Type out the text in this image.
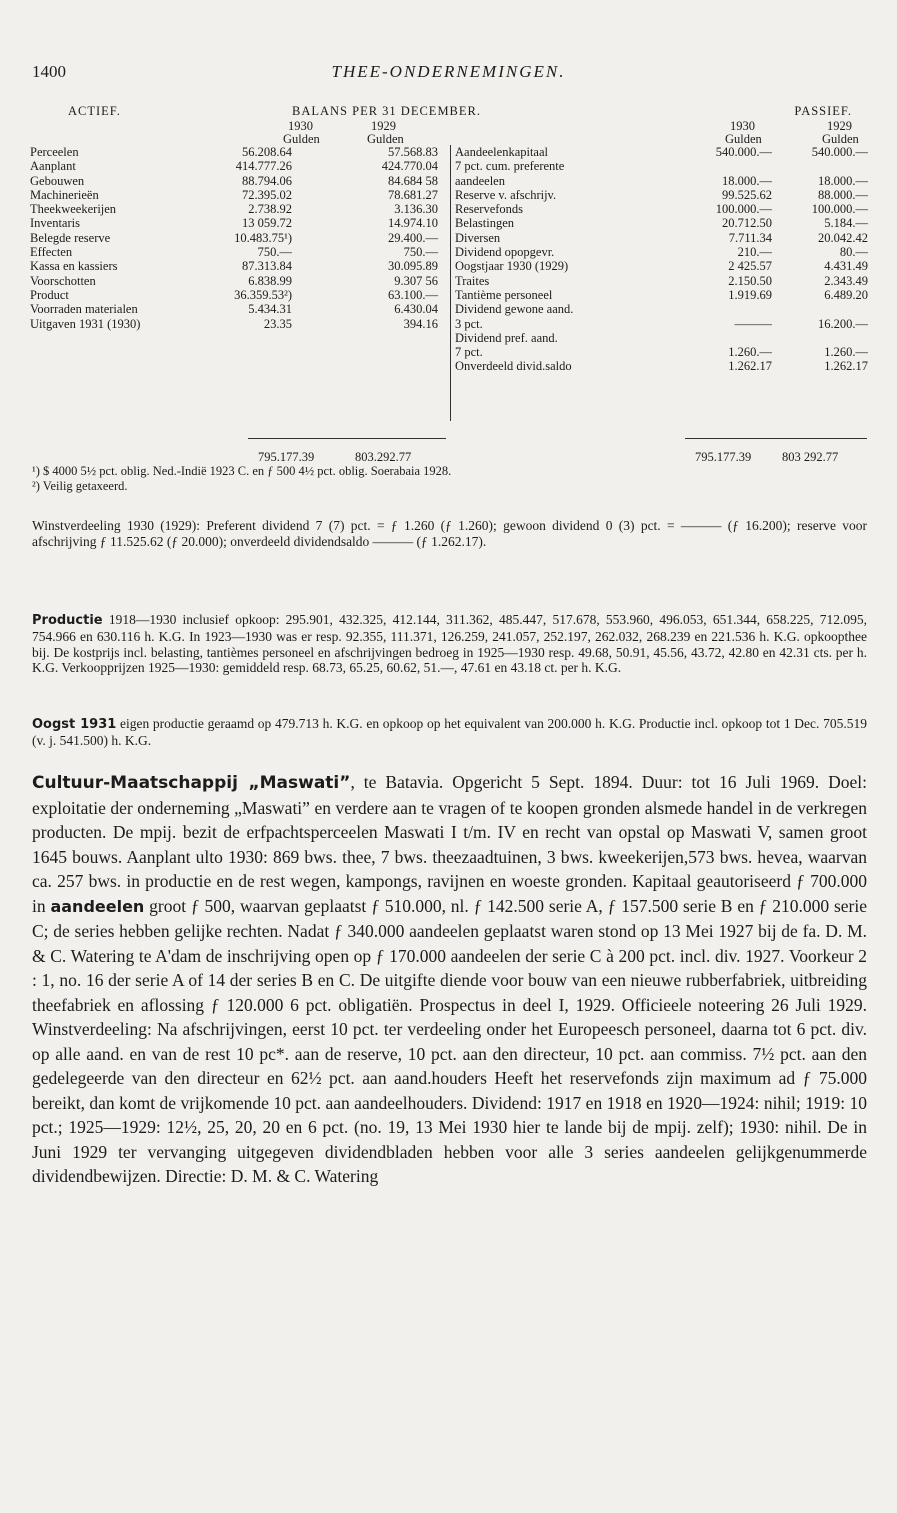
1400	THEE-ONDERNEMINGEN.
ACTIEF.	BALANS PER 31 DECEMBER.	PASSIEF.
1930	1929	1930	1929
Gulden	Gulden	Gulden	Gulden
Perceelen	56.208.64	57.568.83
Aanplant	414.777.26	424.770.04
Gebouwen	88.794.06	84.684 58
Machinerieën	72.395.02	78.681.27
Theekweekerijen	2.738.92	3.136.30
Inventaris	13 059.72	14.974.10
Belegde reserve	10.483.75¹)	29.400.—
Effecten	750.—	750.—
Kassa en kassiers	87.313.84	30.095.89
Voorschotten	6.838.99	9.307 56
Product	36.359.53²)	63.100.—
Voorraden materialen	5.434.31	6.430.04
Uitgaven 1931 (1930)	23.35	394.16
Aandeelenkapitaal	540.000.—	540.000.—
7 pct. cum. preferente
aandeelen	18.000.—	18.000.—
Reserve v. afschrijv.	99.525.62	88.000.—
Reservefonds	100.000.—	100.000.—
Belastingen	20.712.50	5.184.—
Diversen	7.711.34	20.042.42
Dividend opopgevr.	210.—	80.—
Oogstjaar 1930 (1929)	2 425.57	4.431.49
Traites	2.150.50	2.343.49
Tantième personeel	1.919.69	6.489.20
Dividend gewone aand.
3 pct.	———	16.200.—
Dividend pref. aand.
7 pct.	1.260.—	1.260.—
Onverdeeld divid.saldo	1.262.17	1.262.17
795.177.39	803.292.77	795.177.39 803 292.77
¹) $ 4000 5½ pct. oblig. Ned.-Indië 1923 C. en ƒ 500 4½ pct. oblig. Soerabaia 1928.
²) Veilig getaxeerd.
Winstverdeeling 1930 (1929): Preferent dividend 7 (7) pct. = ƒ 1.260 (ƒ 1.260); gewoon dividend 0 (3) pct. = ——— (ƒ 16.200); reserve voor afschrijving ƒ 11.525.62 (ƒ 20.000); onverdeeld dividendsaldo ——— (ƒ 1.262.17).
Productie 1918—1930 inclusief opkoop: 295.901, 432.325, 412.144, 311.362, 485.447, 517.678, 553.960, 496.053, 651.344, 658.225, 712.095, 754.966 en 630.116 h. K.G. In 1923—1930 was er resp. 92.355, 111.371, 126.259, 241.057, 252.197, 262.032, 268.239 en 221.536 h. K.G. opkoopthee bij. De kostprijs incl. belasting, tantièmes personeel en afschrijvingen bedroeg in 1925—1930 resp. 49.68, 50.91, 45.56, 43.72, 42.80 en 42.31 cts. per h. K.G. Verkoopprijzen 1925—1930: gemiddeld resp. 68.73, 65.25, 60.62, 51.—, 47.61 en 43.18 ct. per h. K.G.
Oogst 1931 eigen productie geraamd op 479.713 h. K.G. en opkoop op het equivalent van 200.000 h. K.G. Productie incl. opkoop tot 1 Dec. 705.519 (v. j. 541.500) h. K.G.
Cultuur-Maatschappij „Maswati”, te Batavia. Opgericht 5 Sept. 1894. Duur: tot 16 Juli 1969. Doel: exploitatie der onderneming „Maswati” en verdere aan te vragen of te koopen gronden alsmede handel in de verkregen producten. De mpij. bezit de erfpachtsperceelen Maswati I t/m. IV en recht van opstal op Maswati V, samen groot 1645 bouws. Aanplant ulto 1930: 869 bws. thee, 7 bws. theezaadtuinen, 3 bws. kweekerijen,573 bws. hevea, waarvan ca. 257 bws. in productie en de rest wegen, kampongs, ravijnen en woeste gronden. Kapitaal geautoriseerd ƒ 700.000 in aandeelen groot ƒ 500, waarvan geplaatst ƒ 510.000, nl. ƒ 142.500 serie A, ƒ 157.500 serie B en ƒ 210.000 serie C; de series hebben gelijke rechten. Nadat ƒ 340.000 aandeelen geplaatst waren stond op 13 Mei 1927 bij de fa. D. M. & C. Watering te A'dam de inschrijving open op ƒ 170.000 aandeelen der serie C à 200 pct. incl. div. 1927. Voorkeur 2 : 1, no. 16 der serie A of 14 der series B en C. De uitgifte diende voor bouw van een nieuwe rubberfabriek, uitbreiding theefabriek en aflossing ƒ 120.000 6 pct. obligatiën. Prospectus in deel I, 1929. Officieele noteering 26 Juli 1929. Winstverdeeling: Na afschrijvingen, eerst 10 pct. ter verdeeling onder het Europeesch personeel, daarna tot 6 pct. div. op alle aand. en van de rest 10 pc*. aan de reserve, 10 pct. aan den directeur, 10 pct. aan commiss. 7½ pct. aan den gedelegeerde van den directeur en 62½ pct. aan aand.houders Heeft het reservefonds zijn maximum ad ƒ 75.000 bereikt, dan komt de vrijkomende 10 pct. aan aandeelhouders. Dividend: 1917 en 1918 en 1920—1924: nihil; 1919: 10 pct.; 1925—1929: 12½, 25, 20, 20 en 6 pct. (no. 19, 13 Mei 1930 hier te lande bij de mpij. zelf); 1930: nihil. De in Juni 1929 ter vervanging uitgegeven dividendbladen hebben voor alle 3 series aandeelen gelijkgenummerde dividendbewijzen. Directie: D. M. & C. Watering
